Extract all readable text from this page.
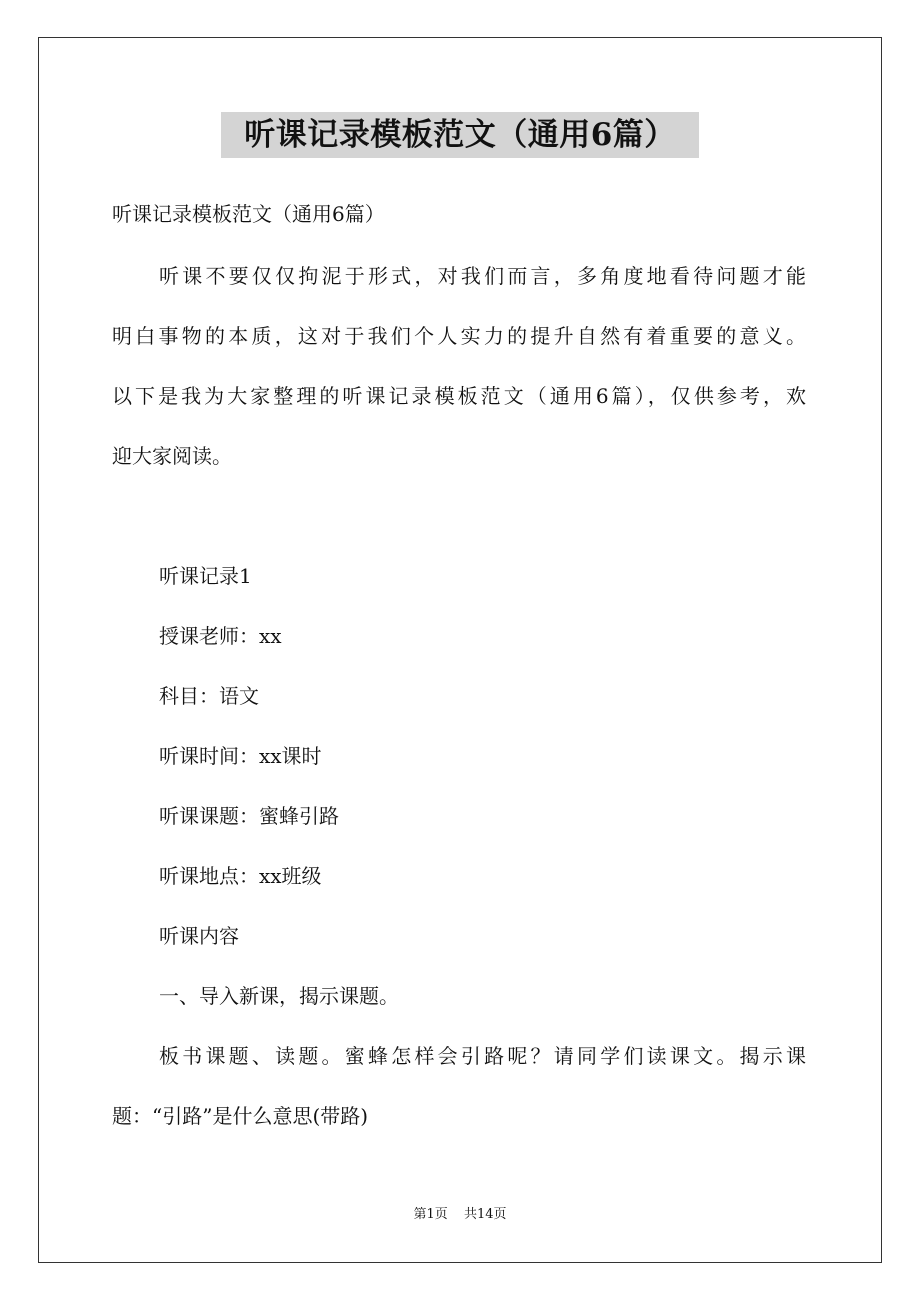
听课记录模板范文（通用6篇）
听课记录模板范文（通用6篇）
听课不要仅仅拘泥于形式，对我们而言，多角度地看待问题才能
明白事物的本质，这对于我们个人实力的提升自然有着重要的意义。
以下是我为大家整理的听课记录模板范文（通用6篇），仅供参考，欢
迎大家阅读。
听课记录1
授课老师：xx
科目：语文
听课时间：xx课时
听课课题：蜜蜂引路
听课地点：xx班级
听课内容
一、导入新课，揭示课题。
板书课题、读题。蜜蜂怎样会引路呢？请同学们读课文。揭示课
题：“引路”是什么意思(带路)
第1页 共14页
